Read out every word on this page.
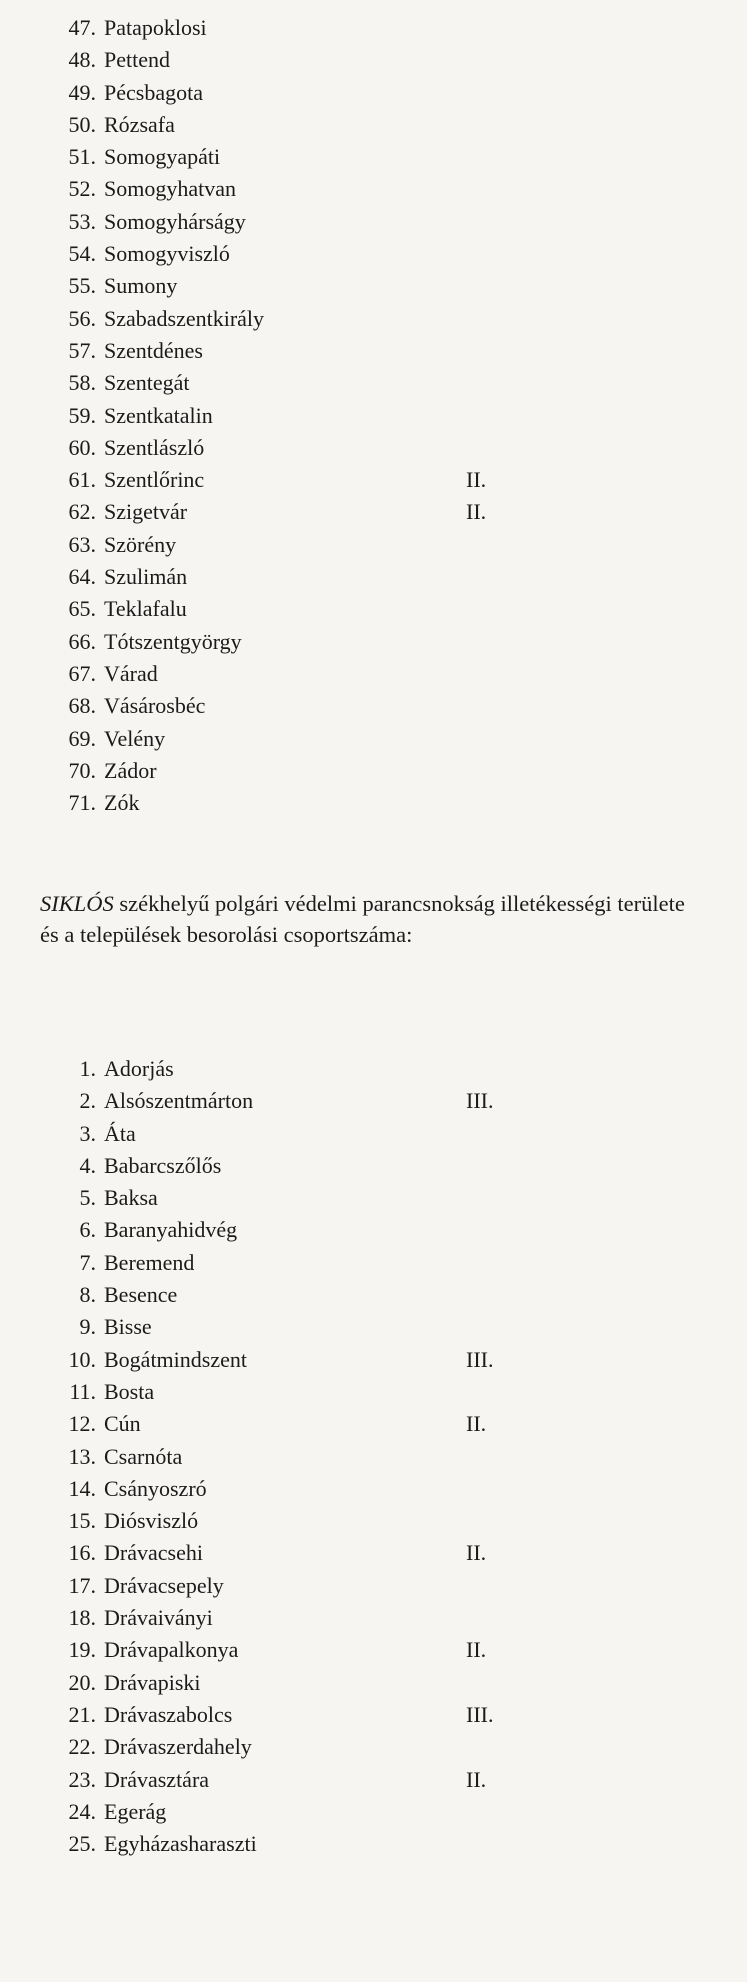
47. Patapoklosi
48. Pettend
49. Pécsbagota
50. Rózsafa
51. Somogyapáti
52. Somogyhatvan
53. Somogyhárságy
54. Somogyviszló
55. Sumony
56. Szabadszentkirály
57. Szentdénes
58. Szentegát
59. Szentkatalin
60. Szentlászló
61. Szentlőrinc	II.
62. Szigetvár	II.
63. Szörény
64. Szulimán
65. Teklafalu
66. Tótszentgyörgy
67. Várad
68. Vásárosbéc
69. Velény
70. Zádor
71. Zók

SIKLÓS székhelyű polgári védelmi parancsnokság illetékességi területe és a települések besorolási csoportszáma:

1. Adorjás
2. Alsószentmárton	III.
3. Áta
4. Babarcszőlős
5. Baksa
6. Baranyahidvég
7. Beremend
8. Besence
9. Bisse
10. Bogátmindszent	III.
11. Bosta
12. Cún	II.
13. Csarnóta
14. Csányoszró
15. Diósviszló
16. Drávacsehi	II.
17. Drávacsepely
18. Drávaiványi
19. Drávapalkonya	II.
20. Drávapiski
21. Drávaszabolcs	III.
22. Drávaszerdahely
23. Drávasztára	II.
24. Egerág
25. Egyházasharaszti
